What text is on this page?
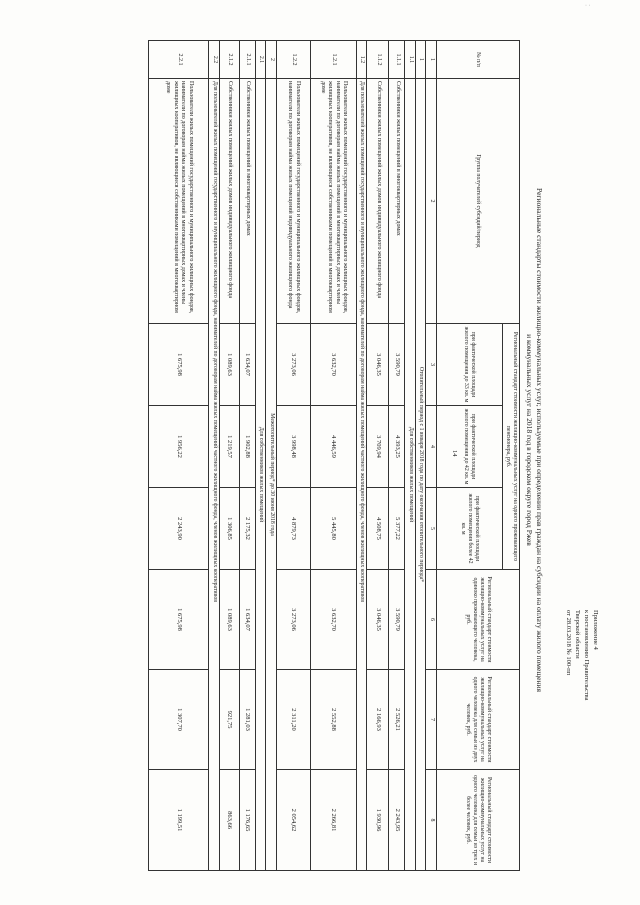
· ·
14
Приложение 4
к постановлению Правительства
Тверской области
от 28.03.2018 № 100-пп
Региональные стандарты стоимости жилищно-коммунальных услуг, используемые при определении прав граждан на субсидии на оплату жилого помещения
и коммунальных услуг на 2018 год в городском округе город Ржев
№ п/п	Группа получателей субсидий/период	Региональный стандарт стоимости жилищно-коммунальных услуг на одного проживающего пенсионера, руб.			Региональный стандарт стоимости жилищно-коммунальных услуг на одиноко проживающего человека, руб.	Региональный стандарт стоимости жилищно-коммунальных услуг на одного человека для семьи из двух человек, руб.	Региональный стандарт стоимости жилищно-коммунальных услуг на одного человека для семьи из трех и более человек, руб.
		при фактической площади жилого помещения до 33 кв. м	при фактической площади жилого помещения до 42 кв. м	при фактической площади жилого помещения более 42 кв. м			
1	2	3	4	5	6	7	8
1	Отопительный период с 1 января 2018 года по дату окончания отопительного периода*						
1.1	Для собственников жилых помещений						
1.1.1	Собственники жилых помещений в многоквартирных домах	3 590,79	4 393,25	5 377,22	3 590,79	2 526,21	2 243,95
1.1.2	Собственники жилых помещений жилых домов индивидуального жилищного фонда	3 046,35	3 709,94	4 508,75	3 046,35	2 166,93	1 930,96
1.2	Для пользователей жилых помещений государственного и муниципального жилищного фонда, нанимателей по договорам найма жилых помещений частного жилищного фонда, членов жилищных кооперативов						
1.2.1	Пользователи жилых помещений государственного и муниципального жилищных фондов, наниматели по договорам найма жилых помещений в многоквартирных домах и члены жилищных кооперативов, не являющиеся собственниками помещений в многоквартирном доме	3 632,70	4 446,59	5 445,80	3 632,70	2 552,88	2 266,81
1.2.2	Пользователи жилых помещений государственного и муниципального жилищных фондов, наниматели по договорам найма жилых помещений индивидуального жилищного фонда	3 273,06	3 998,48	4 879,73	3 273,06	2 311,20	2 054,62
2	Межотопительный период* до 30 июня 2018 года						
2.1	Для собственников жилых помещений						
2.1.1	Собственники жилых помещений в многоквартирных домах	1 634,07	1 902,88	2 175,32	1 634,07	1 281,03	1 176,65
2.1.2	Собственники жилых помещений жилых домов индивидуального жилищного фонда	1 089,63	1 219,57	1 306,85	1 089,63	921,75	863,66
2.2	Для пользователей жилых помещений государственного и муниципального жилищного фонда, нанимателей по договорам найма жилых помещений частного жилищного фонда, членов жилищных кооперативов						
2.2.1	Пользователи жилых помещений государственного и муниципального жилищных фондов, наниматели по договорам найма жилых помещений в многоквартирных домах и члены жилищных кооперативов, не являющиеся собственниками помещений в многоквартирном доме	1 675,98	1 956,22	2 243,90	1 675,98	1 307,70	1 199,51
